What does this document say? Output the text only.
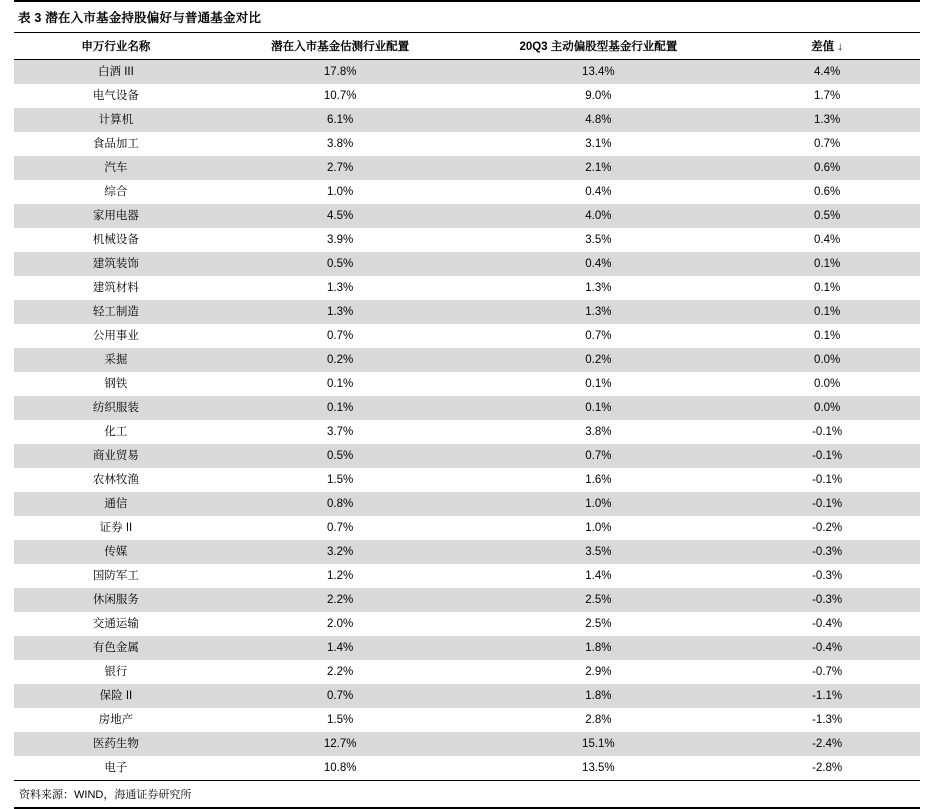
表 3 潜在入市基金持股偏好与普通基金对比
申万行业名称	潜在入市基金估测行业配置	20Q3 主动偏股型基金行业配置	差值 ↓
白酒 III	17.8%	13.4%	4.4%
电气设备	10.7%	9.0%	1.7%
计算机	6.1%	4.8%	1.3%
食品加工	3.8%	3.1%	0.7%
汽车	2.7%	2.1%	0.6%
综合	1.0%	0.4%	0.6%
家用电器	4.5%	4.0%	0.5%
机械设备	3.9%	3.5%	0.4%
建筑装饰	0.5%	0.4%	0.1%
建筑材料	1.3%	1.3%	0.1%
轻工制造	1.3%	1.3%	0.1%
公用事业	0.7%	0.7%	0.1%
采掘	0.2%	0.2%	0.0%
钢铁	0.1%	0.1%	0.0%
纺织服装	0.1%	0.1%	0.0%
化工	3.7%	3.8%	-0.1%
商业贸易	0.5%	0.7%	-0.1%
农林牧渔	1.5%	1.6%	-0.1%
通信	0.8%	1.0%	-0.1%
证券 II	0.7%	1.0%	-0.2%
传媒	3.2%	3.5%	-0.3%
国防军工	1.2%	1.4%	-0.3%
休闲服务	2.2%	2.5%	-0.3%
交通运输	2.0%	2.5%	-0.4%
有色金属	1.4%	1.8%	-0.4%
银行	2.2%	2.9%	-0.7%
保险 II	0.7%	1.8%	-1.1%
房地产	1.5%	2.8%	-1.3%
医药生物	12.7%	15.1%	-2.4%
电子	10.8%	13.5%	-2.8%
资料来源：WIND，海通证券研究所
